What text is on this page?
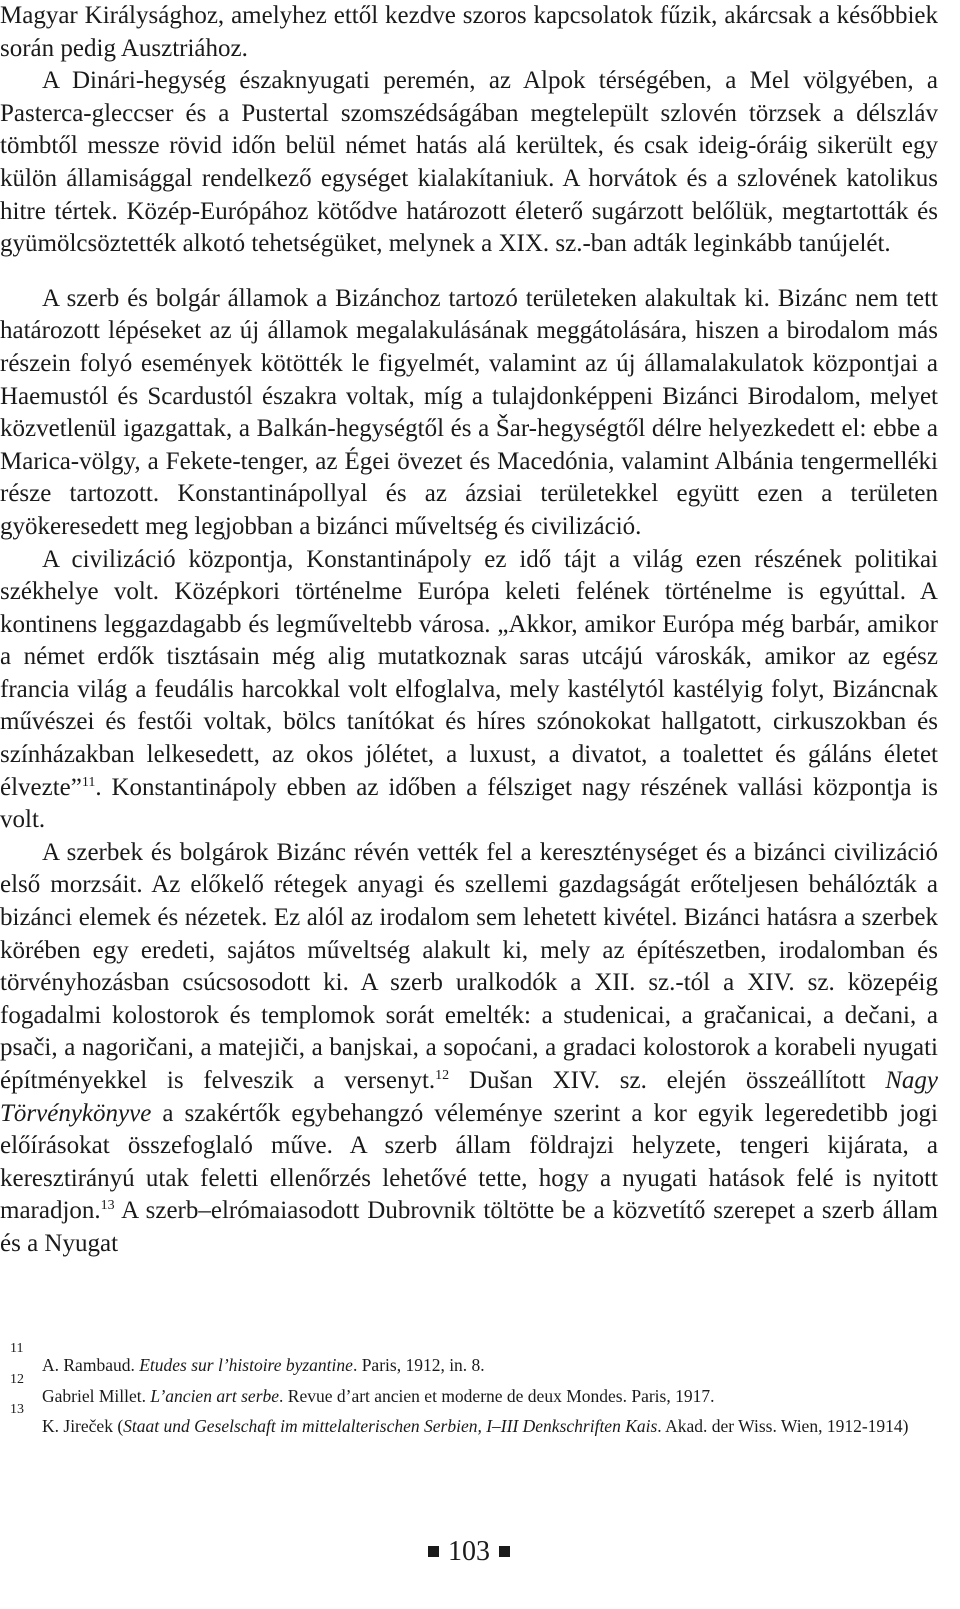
Magyar Királysághoz, amelyhez ettől kezdve szoros kapcsolatok fűzik, akárcsak a későbbiek során pedig Ausztriához.

A Dinári-hegység északnyugati peremén, az Alpok térségében, a Mel völgyében, a Pasterca-gleccser és a Pustertal szomszédságában megtelepült szlovén törzsek a délszláv tömbtől messze rövid időn belül német hatás alá kerültek, és csak ideig-óráig sikerült egy külön államisággal rendelkező egységet kialakítaniuk. A horvátok és a szlovének katolikus hitre tértek. Közép-Európához kötődve határozott életerő sugárzott belőlük, megtartották és gyümölcsöztették alkotó tehetségüket, melynek a XIX. sz.-ban adták leginkább tanújelét.

A szerb és bolgár államok a Bizánchoz tartozó területeken alakultak ki. Bizánc nem tett határozott lépéseket az új államok megalakulásának meggátolására, hiszen a birodalom más részein folyó események kötötték le figyelmét, valamint az új államalakulatok központjai a Haemustól és Scardustól északra voltak, míg a tulajdonképpeni Bizánci Birodalom, melyet közvetlenül igazgattak, a Balkán-hegységtől és a Šar-hegységtől délre helyezkedett el: ebbe a Marica-völgy, a Fekete-tenger, az Égei övezet és Macedónia, valamint Albánia tengermelléki része tartozott. Konstantinápollyal és az ázsiai területekkel együtt ezen a területen gyökeresedett meg legjobban a bizánci műveltség és civilizáció.

A civilizáció központja, Konstantinápoly ez idő tájt a világ ezen részének politikai székhelye volt. Középkori történelme Európa keleti felének történelme is egyúttal. A kontinens leggazdagabb és legműveltebb városa. „Akkor, amikor Európa még barbár, amikor a német erdők tisztásain még alig mutatkoznak saras utcájú városkák, amikor az egész francia világ a feudális harcokkal volt elfoglalva, mely kastélytól kastélyig folyt, Bizáncnak művészei és festői voltak, bölcs tanítókat és híres szónokokat hallgatott, cirkuszokban és színházakban lelkesedett, az okos jólétet, a luxust, a divatot, a toalettet és gáláns életet élvezte”$^{11}$. Konstantinápoly ebben az időben a félsziget nagy részének vallási központja is volt.

A szerbek és bolgárok Bizánc révén vették fel a kereszténységet és a bizánci civilizáció első morzsáit. Az előkelő rétegek anyagi és szellemi gazdagságát erőteljesen behálózták a bizánci elemek és nézetek. Ez alól az irodalom sem lehetett kivétel. Bizánci hatásra a szerbek körében egy eredeti, sajátos műveltség alakult ki, mely az építészetben, irodalomban és törvényhozásban csúcsosodott ki. A szerb uralkodók a XII. sz.-tól a XIV. sz. közepéig fogadalmi kolostorok és templomok sorát emelték: a studenicai, a gračanicai, a dečani, a psači, a nagoričani, a matejiči, a banjskai, a sopoćani, a gradaci kolostorok a korabeli nyugati építményekkel is felveszik a versenyt.$^{12}$ Dušan XIV. sz. elején összeállított Nagy Törvénykönyve a szakértők egybehangzó véleménye szerint a kor egyik legeredetibb jogi előírásokat összefoglaló műve. A szerb állam földrajzi helyzete, tengeri kijárata, a keresztirányú utak feletti ellenőrzés lehetővé tette, hogy a nyugati hatások felé is nyitott maradjon.$^{13}$ A szerb–elrómaiasodott Dubrovnik töltötte be a közvetítő szerepet a szerb állam és a Nyugat

11
A. Rambaud. Etudes sur l’histoire byzantine. Paris, 1912, in. 8.
12
Gabriel Millet. L’ancien art serbe. Revue d’art ancien et moderne de deux Mondes. Paris, 1917.
13
K. Jireček (Staat und Geselschaft im mittelalterischen Serbien, I–III Denkschriften Kais. Akad. der Wiss. Wien, 1912-1914)
103
